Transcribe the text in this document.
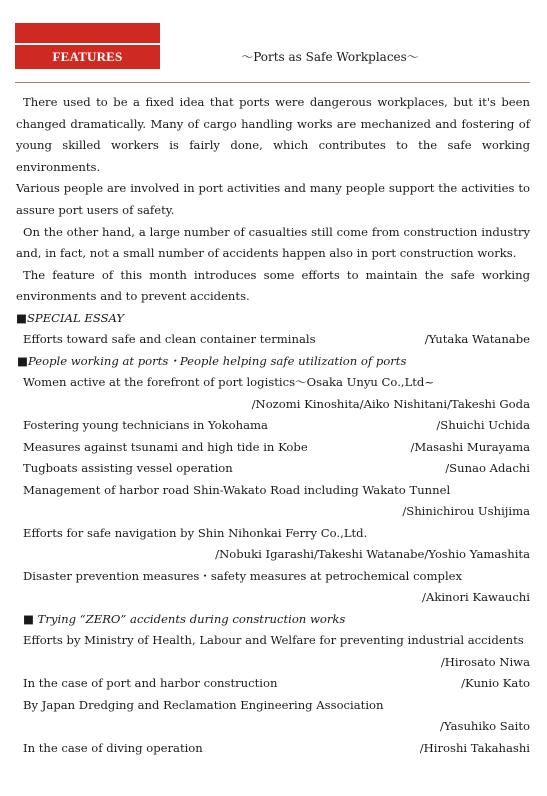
FEATURES	～Ports as Safe Workplaces～

There used to be a fixed idea that ports were dangerous workplaces, but it's been changed dramatically. Many of cargo handling works are mechanized and fostering of young skilled workers is fairly done, which contributes to the safe working environments.

Various people are involved in port activities and many people support the activities to assure port users of safety.

On the other hand, a large number of casualties still come from construction industry and, in fact, not a small number of accidents happen also in port construction works.

The feature of this month introduces some efforts to maintain the safe working environments and to prevent accidents.

■SPECIAL ESSAY

Efforts toward safe and clean container terminals	/Yutaka Watanabe

■People working at ports・People helping safe utilization of ports

Women active at the forefront of port logistics～Osaka Unyu Co.,Ltd~
/Nozomi Kinoshita/Aiko Nishitani/Takeshi Goda
Fostering young technicians in Yokohama	/Shuichi Uchida
Measures against tsunami and high tide in Kobe	/Masashi Murayama
Tugboats assisting vessel operation	/Sunao Adachi
Management of harbor road Shin-Wakato Road including Wakato Tunnel
/Shinichirou Ushijima
Efforts for safe navigation by Shin Nihonkai Ferry Co.,Ltd.
/Nobuki Igarashi/Takeshi Watanabe/Yoshio Yamashita
Disaster prevention measures・safety measures at petrochemical complex
/Akinori Kawauchi

■ Trying “ZERO” accidents during construction works

Efforts by Ministry of Health, Labour and Welfare for preventing industrial accidents
/Hirosato Niwa
In the case of port and harbor construction	/Kunio Kato
By Japan Dredging and Reclamation Engineering Association
/Yasuhiko Saito
In the case of diving operation	/Hiroshi Takahashi
